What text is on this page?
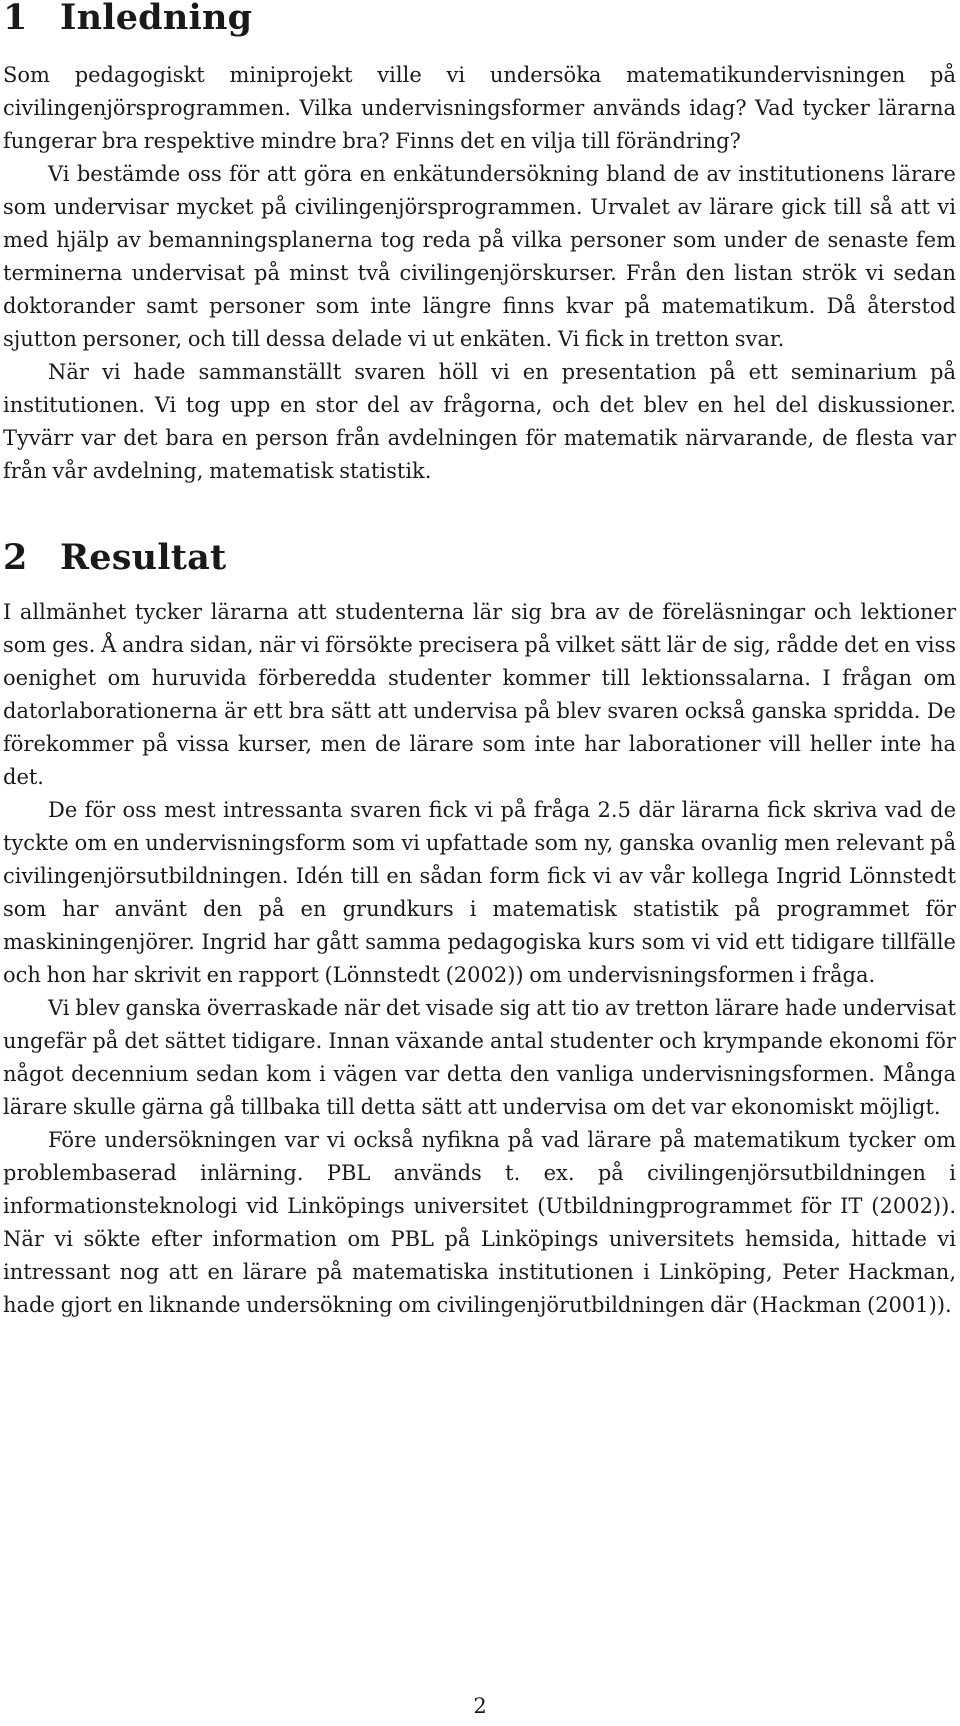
1 Inledning

Som pedagogiskt miniprojekt ville vi undersöka matematikundervisningen på civilingenjörsprogrammen. Vilka undervisningsformer används idag? Vad tycker lärarna fungerar bra respektive mindre bra? Finns det en vilja till förändring?

Vi bestämde oss för att göra en enkätundersökning bland de av institutionens lärare som undervisar mycket på civilingenjörsprogrammen. Urvalet av lärare gick till så att vi med hjälp av bemanningsplanerna tog reda på vilka personer som under de senaste fem terminerna undervisat på minst två civilingenjörskurser. Från den listan strök vi sedan doktorander samt personer som inte längre finns kvar på matematikum. Då återstod sjutton personer, och till dessa delade vi ut enkäten. Vi fick in tretton svar.

När vi hade sammanställt svaren höll vi en presentation på ett seminarium på institutionen. Vi tog upp en stor del av frågorna, och det blev en hel del diskussioner. Tyvärr var det bara en person från avdelningen för matematik närvarande, de flesta var från vår avdelning, matematisk statistik.

2 Resultat

I allmänhet tycker lärarna att studenterna lär sig bra av de föreläsningar och lektioner som ges. Å andra sidan, när vi försökte precisera på vilket sätt lär de sig, rådde det en viss oenighet om huruvida förberedda studenter kommer till lektionssalarna. I frågan om datorlaborationerna är ett bra sätt att undervisa på blev svaren också ganska spridda. De förekommer på vissa kurser, men de lärare som inte har laborationer vill heller inte ha det.

De för oss mest intressanta svaren fick vi på fråga 2.5 där lärarna fick skriva vad de tyckte om en undervisningsform som vi upfattade som ny, ganska ovanlig men relevant på civilingenjörsutbildningen. Idén till en sådan form fick vi av vår kollega Ingrid Lönnstedt som har använt den på en grundkurs i matematisk statistik på programmet för maskiningenjörer. Ingrid har gått samma pedagogiska kurs som vi vid ett tidigare tillfälle och hon har skrivit en rapport (Lönnstedt (2002)) om undervisningsformen i fråga.

Vi blev ganska överraskade när det visade sig att tio av tretton lärare hade undervisat ungefär på det sättet tidigare. Innan växande antal studenter och krympande ekonomi för något decennium sedan kom i vägen var detta den vanliga undervisningsformen. Många lärare skulle gärna gå tillbaka till detta sätt att undervisa om det var ekonomiskt möjligt.

Före undersökningen var vi också nyfikna på vad lärare på matematikum tycker om problembaserad inlärning. PBL används t. ex. på civilingenjörsutbildningen i informationsteknologi vid Linköpings universitet (Utbildningprogrammet för IT (2002)). När vi sökte efter information om PBL på Linköpings universitets hemsida, hittade vi intressant nog att en lärare på matematiska institutionen i Linköping, Peter Hackman, hade gjort en liknande undersökning om civilingenjörutbildningen där (Hackman (2001)).

2
